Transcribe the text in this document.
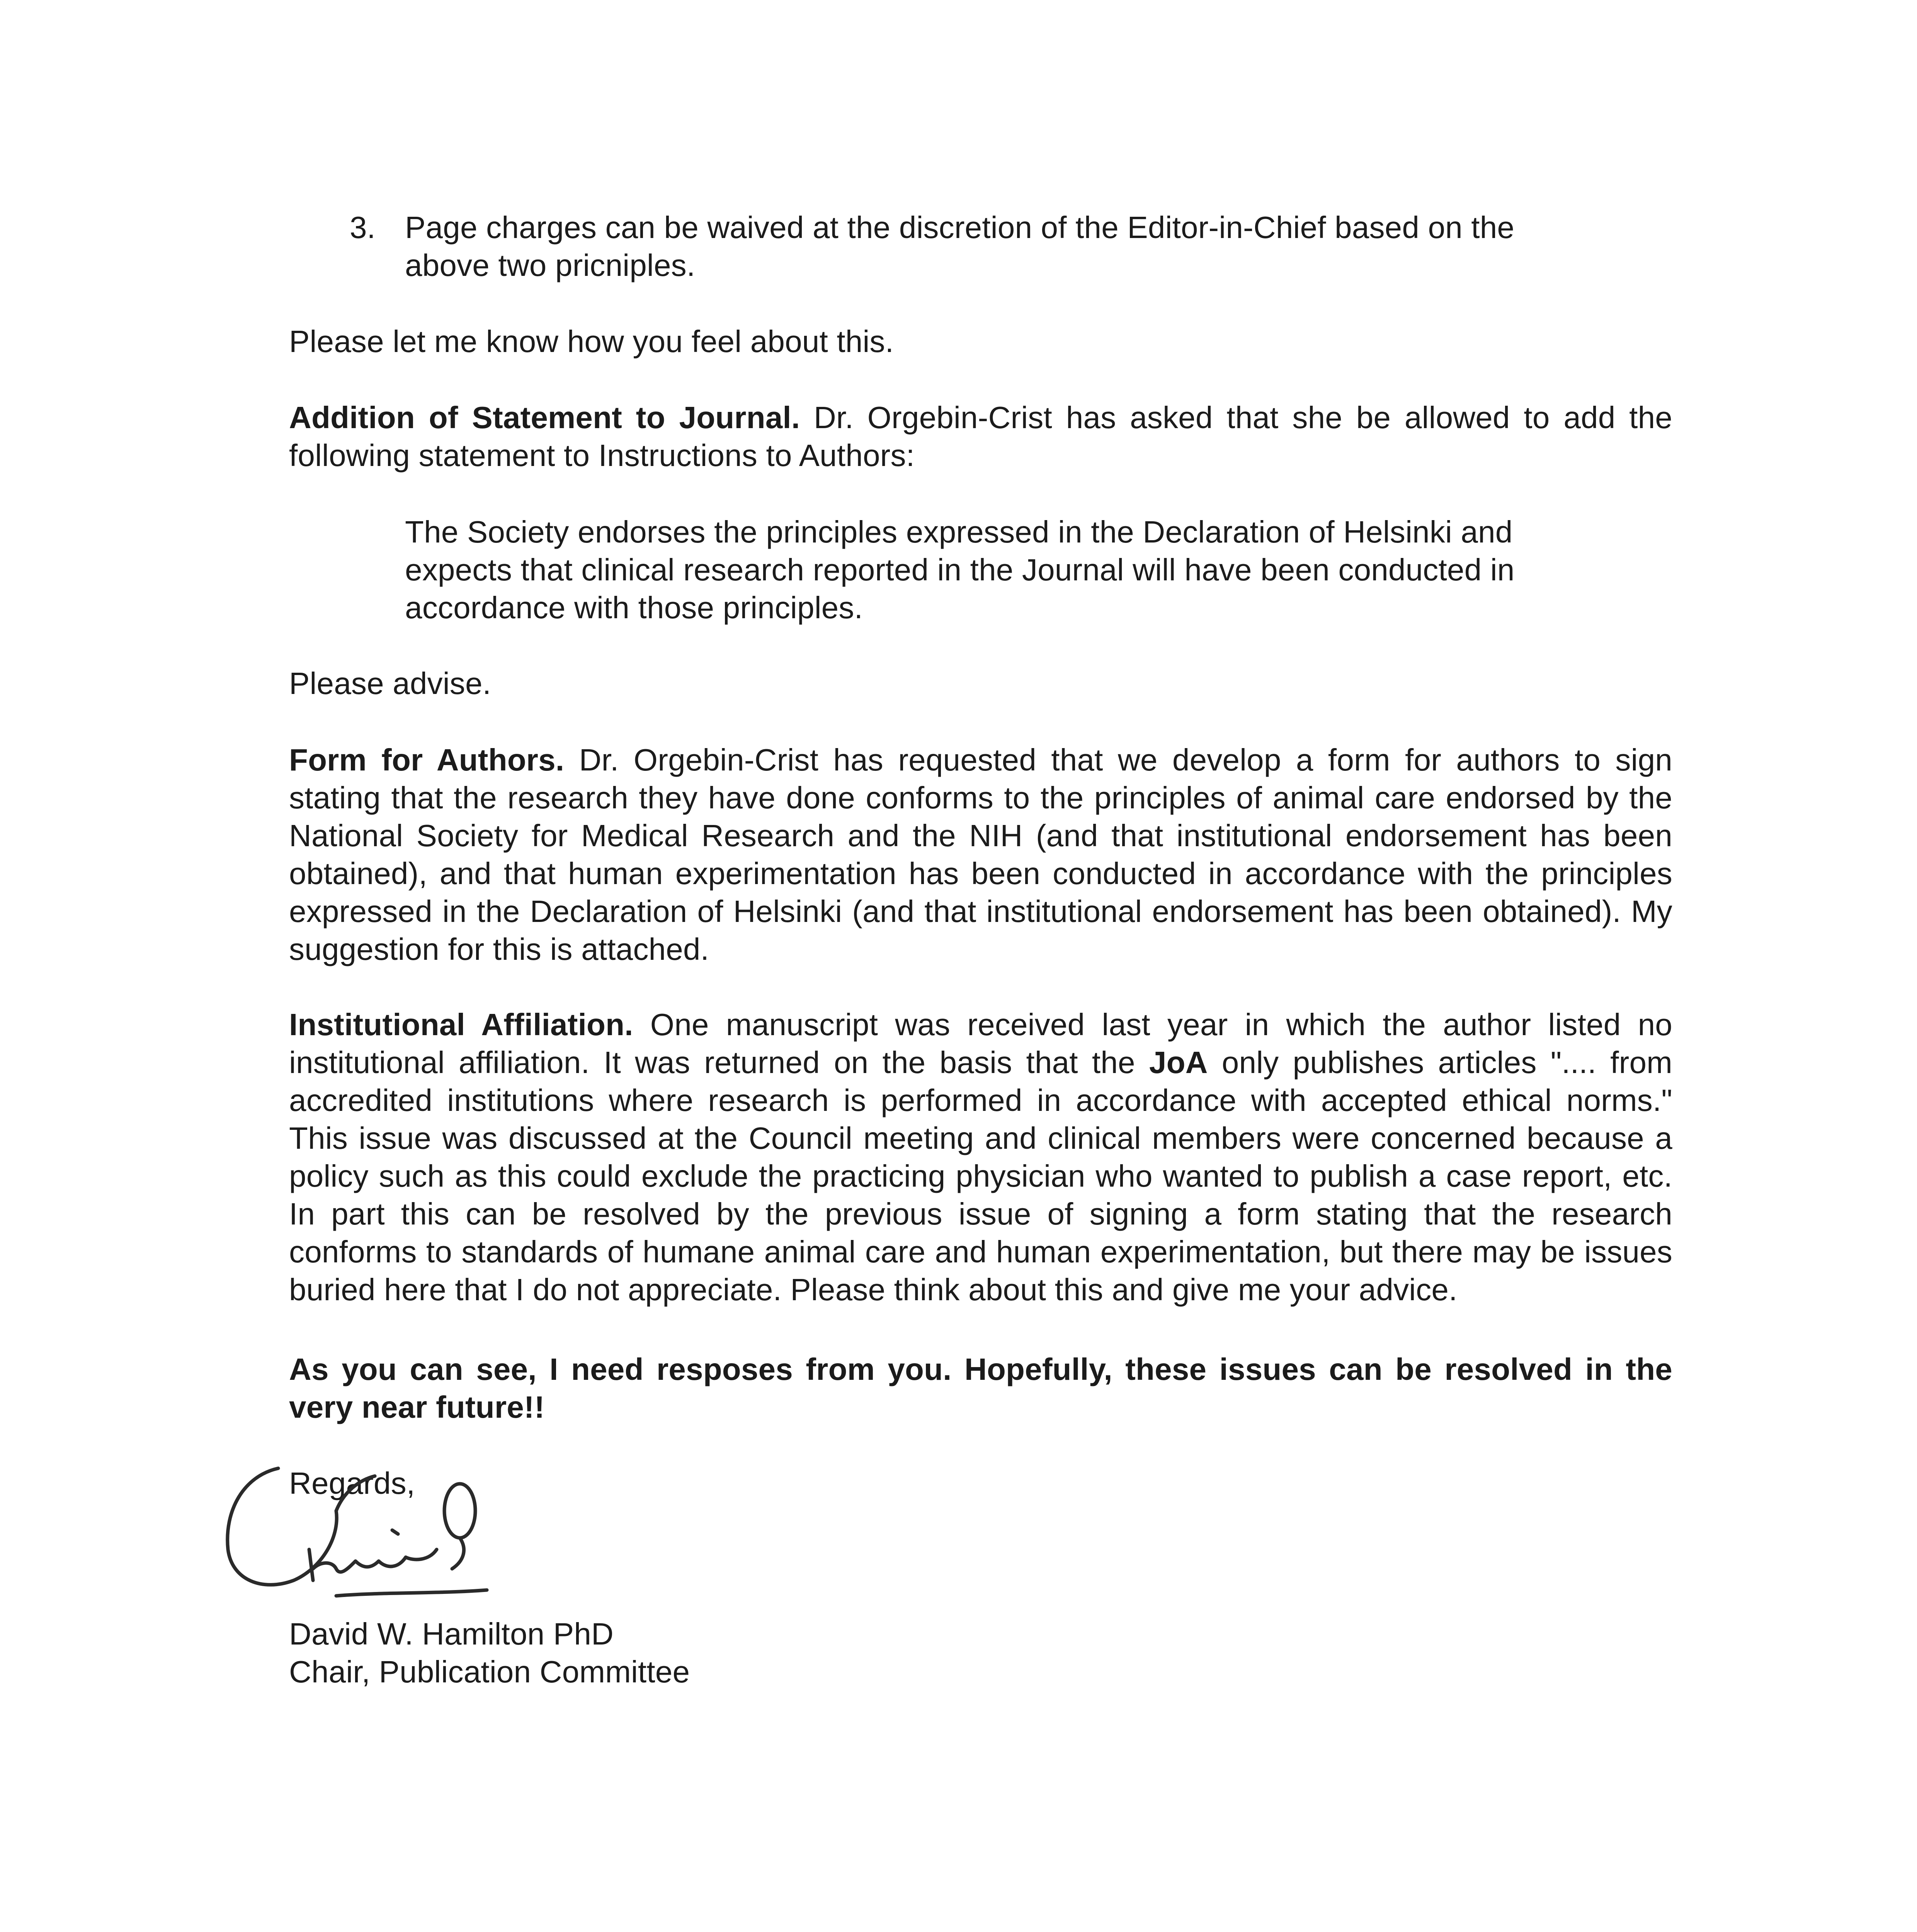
3. Page charges can be waived at the discretion of the Editor-in-Chief based on the above two pricniples.

Please let me know how you feel about this.

Addition of Statement to Journal. Dr. Orgebin-Crist has asked that she be allowed to add the following statement to Instructions to Authors:

The Society endorses the principles expressed in the Declaration of Helsinki and expects that clinical research reported in the Journal will have been conducted in accordance with those principles.

Please advise.

Form for Authors. Dr. Orgebin-Crist has requested that we develop a form for authors to sign stating that the research they have done conforms to the principles of animal care endorsed by the National Society for Medical Research and the NIH (and that institutional endorsement has been obtained), and that human experimentation has been conducted in accordance with the principles expressed in the Declaration of Helsinki (and that institutional endorsement has been obtained). My suggestion for this is attached.

Institutional Affiliation. One manuscript was received last year in which the author listed no institutional affiliation. It was returned on the basis that the JoA only publishes articles ".... from accredited institutions where research is performed in accordance with accepted ethical norms." This issue was discussed at the Council meeting and clinical members were concerned because a policy such as this could exclude the practicing physician who wanted to publish a case report, etc. In part this can be resolved by the previous issue of signing a form stating that the research conforms to standards of humane animal care and human experimentation, but there may be issues buried here that I do not appreciate. Please think about this and give me your advice.

As you can see, I need resposes from you. Hopefully, these issues can be resolved in the very near future!!

Regards,

David W. Hamilton PhD

Chair, Publication Committee
